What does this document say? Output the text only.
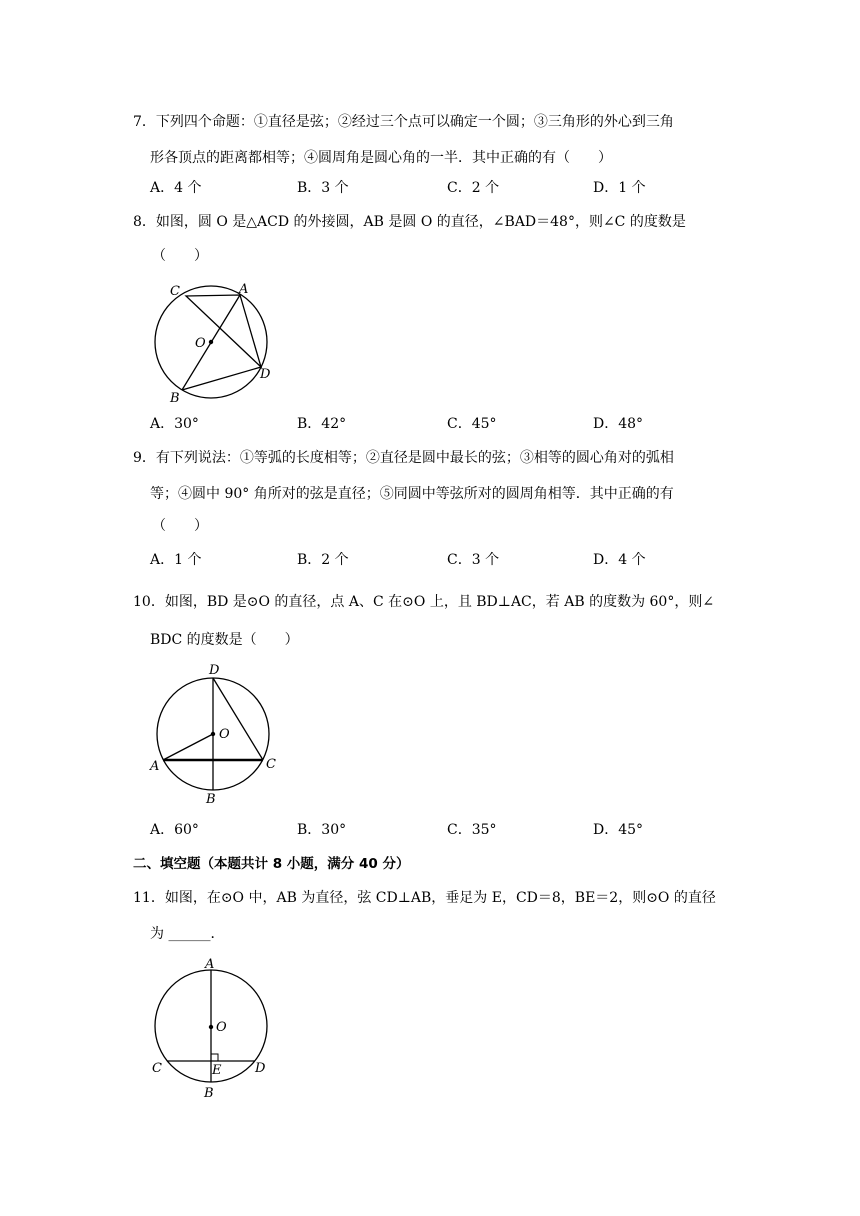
7．下列四个命题：①直径是弦；②经过三个点可以确定一个圆；③三角形的外心到三角
形各顶点的距离都相等；④圆周角是圆心角的一半．其中正确的有（　　）
A．4 个	B．3 个	C．2 个	D．1 个
8．如图，圆 O 是△ACD 的外接圆，AB 是圆 O 的直径，∠BAD＝48°，则∠C 的度数是
（　　）
C	A
O
B
D
A．30°	B．42°	C．45°	D．48°
9．有下列说法：①等弧的长度相等；②直径是圆中最长的弦；③相等的圆心角对的弧相
等；④圆中 90° 角所对的弦是直径；⑤同圆中等弦所对的圆周角相等．其中正确的有
（　　）
A．1 个	B．2 个	C．3 个	D．4 个
10．如图，BD 是⊙O 的直径，点 A、C 在⊙O 上，且 BD⊥AC，若 AB 的度数为 60°，则∠
BDC 的度数是（　　）
D
O
A	C
B
A．60°	B．30°	C．35°	D．45°
二、填空题（本题共计 8 小题，满分 40 分）
11．如图，在⊙O 中，AB 为直径，弦 CD⊥AB，垂足为 E，CD＝8，BE＝2，则⊙O 的直径
为 ______．
A
O
C	E	D
B
